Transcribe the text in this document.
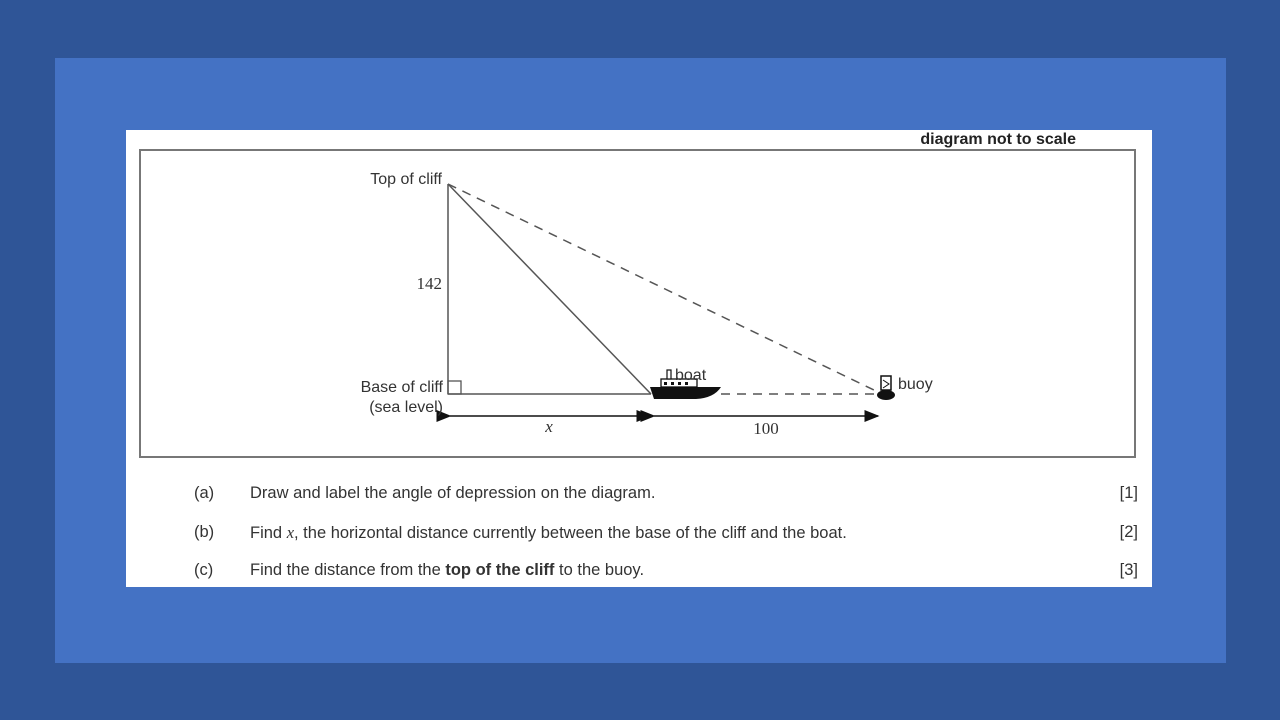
diagram not to scale
Top of cliff
142
Base of cliff
(sea level)
boat
buoy
x	100
(a) Draw and label the angle of depression on the diagram.	[1]
(b) Find x, the horizontal distance currently between the base of the cliff and the boat.	[2]
(c) Find the distance from the top of the cliff to the buoy.	[3]
